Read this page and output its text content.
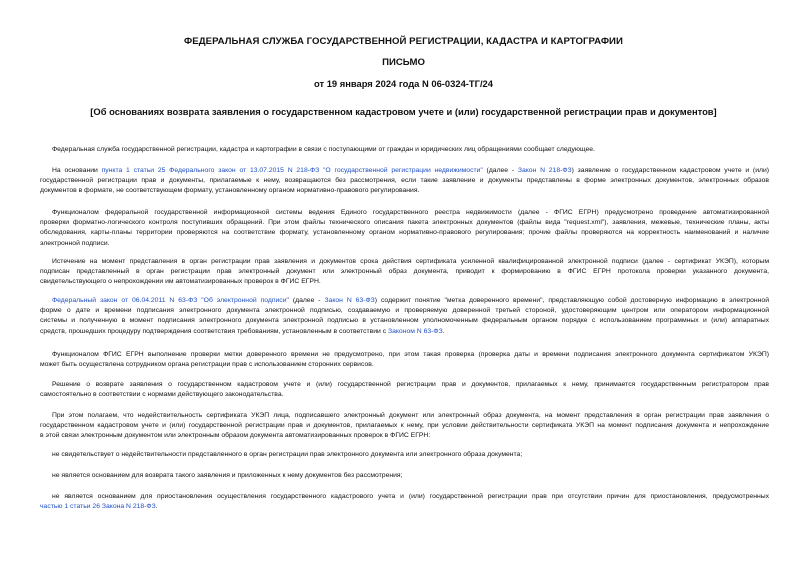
ФЕДЕРАЛЬНАЯ СЛУЖБА ГОСУДАРСТВЕННОЙ РЕГИСТРАЦИИ, КАДАСТРА И КАРТОГРАФИИ
ПИСЬМО
от 19 января 2024 года N 06-0324-ТГ/24
[Об основаниях возврата заявления о государственном кадастровом учете и (или) государственной регистрации прав и документов]
Федеральная служба государственной регистрации, кадастра и картографии в связи с поступающими от граждан и юридических лиц обращениями сообщает следующее.
На основании пункта 1 статьи 25 Федерального закон от 13.07.2015 N 218-ФЗ "О государственной регистрации недвижимости" (далее - Закон N 218-ФЗ) заявление о государственном кадастровом учете и (или)
государственной регистрации прав и документы, прилагаемые к нему, возвращаются без рассмотрения, если такие заявление и документы представлены в форме электронных документов, электронных образов
документов в формате, не соответствующем формату, установленному органом нормативно-правового регулирования.
Функционалом федеральной государственной информационной системы ведения Единого государственного реестра недвижимости (далее - ФГИС ЕГРН) предусмотрено проведение автоматизированной
проверки форматно-логического контроля поступивших обращений. При этом файлы технического описания пакета электронных документов (файлы вида "request.xml"), заявления, межевые, технические планы, акты
обследования, карты-планы территории проверяются на соответствие формату, установленному органом нормативно-правового регулирования; прочие файлы проверяются на корректность наименований и наличие
электронной подписи.
Истечение на момент представления в орган регистрации прав заявления и документов срока действия сертификата усиленной квалифицированной электронной подписи (далее - сертификат УКЭП), которым
подписан представленный в орган регистрации прав электронный документ или электронный образ документа, приводит к формированию в ФГИС ЕГРН протокола проверки указанного документа,
свидетельствующего о непрохождении им автоматизированных проверок в ФГИС ЕГРН.
Федеральный закон от 06.04.2011 N 63-ФЗ "Об электронной подписи" (далее - Закон N 63-ФЗ) содержит понятие "метка доверенного времени", представляющую собой достоверную информацию в электронной
форме о дате и времени подписания электронного документа электронной подписью, создаваемую и проверяемую доверенной третьей стороной, удостоверяющим центром или оператором информационной
системы и полученную в момент подписания электронного документа электронной подписью в установленном уполномоченным федеральным органом порядке с использованием программных и (или) аппаратных
средств, прошедших процедуру подтверждения соответствия требованиям, установленным в соответствии с Законом N 63-ФЗ.
Функционалом ФГИС ЕГРН выполнение проверки метки доверенного времени не предусмотрено, при этом такая проверка (проверка даты и времени подписания электронного документа сертификатом УКЭП)
может быть осуществлена сотрудником органа регистрации прав с использованием сторонних сервисов.
Решение о возврате заявления о государственном кадастровом учете и (или) государственной регистрации прав и документов, прилагаемых к нему, принимается государственным регистратором прав
самостоятельно в соответствии с нормами действующего законодательства.
При этом полагаем, что недействительность сертификата УКЭП лица, подписавшего электронный документ или электронный образ документа, на момент представления в орган регистрации прав заявления о
государственном кадастровом учете и (или) государственной регистрации прав и документов, прилагаемых к нему, при условии действительности сертификата УКЭП на момент подписания документа и непрохождение
в этой связи электронным документом или электронным образом документа автоматизированных проверок в ФГИС ЕГРН:
не свидетельствует о недействительности представленного в орган регистрации прав электронного документа или электронного образа документа;
не является основанием для возврата такого заявления и приложенных к нему документов без рассмотрения;
не является основанием для приостановления осуществления государственного кадастрового учета и (или) государственной регистрации прав при отсутствии причин для приостановления, предусмотренных
частью 1 статьи 26 Закона N 218-ФЗ.
